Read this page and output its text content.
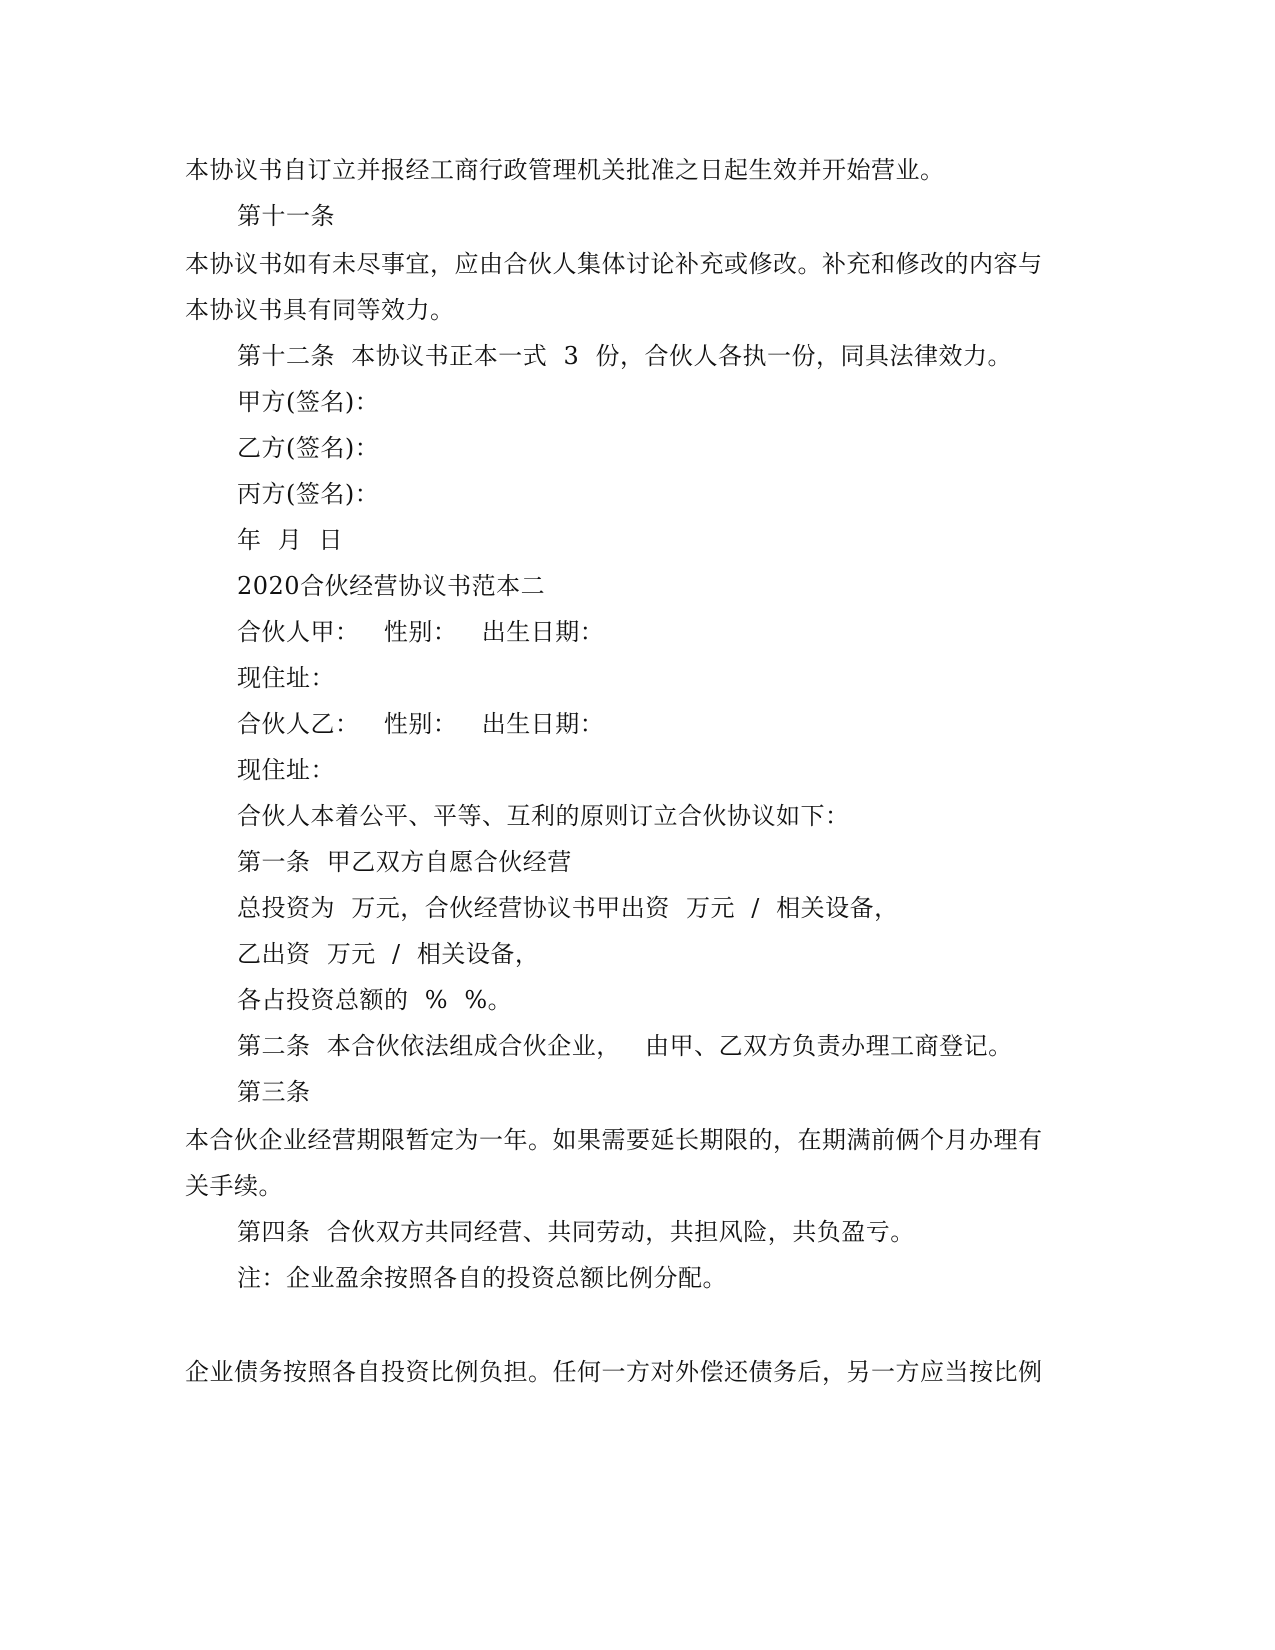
本协议书自订立并报经工商行政管理机关批准之日起生效并开始营业。
第十一条
本协议书如有未尽事宜，应由合伙人集体讨论补充或修改。补充和修改的内容与
本协议书具有同等效力。
第十二条  本协议书正本一式  3  份，合伙人各执一份，同具法律效力。
甲方(签名)：
乙方(签名)：
丙方(签名)：
年  月  日
2020合伙经营协议书范本二
合伙人甲：   性别：   出生日期：
现住址：
合伙人乙：   性别：   出生日期：
现住址：
合伙人本着公平、平等、互利的原则订立合伙协议如下：
第一条  甲乙双方自愿合伙经营
总投资为  万元，合伙经营协议书甲出资  万元  /  相关设备，
乙出资  万元  /  相关设备，
各占投资总额的  %  %。
第二条  本合伙依法组成合伙企业，   由甲、乙双方负责办理工商登记。
第三条
本合伙企业经营期限暂定为一年。如果需要延长期限的，在期满前俩个月办理有
关手续。
第四条  合伙双方共同经营、共同劳动，共担风险，共负盈亏。
注：企业盈余按照各自的投资总额比例分配。
企业债务按照各自投资比例负担。任何一方对外偿还债务后，另一方应当按比例
